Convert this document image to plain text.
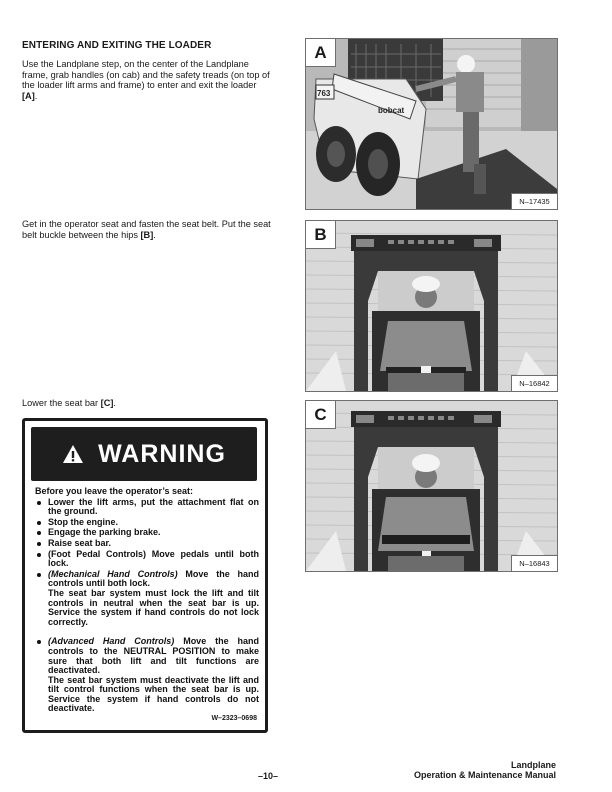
ENTERING AND EXITING THE LOADER
Use the Landplane step, on the center of the Landplane frame, grab handles (on cab) and the safety treads (on top of the loader lift arms and frame) to enter and exit the loader [A].
Get in the operator seat and fasten the seat belt. Put the seat belt buckle between the hips [B].
Lower the seat bar [C].
bobcat
763
A
N–17435
B
N–16842
C
N–16843
WARNING
Before you leave the operator’s seat:
Lower the lift arms, put the attachment flat on the ground.
Stop the engine.
Engage the parking brake.
Raise seat bar.
(Foot Pedal Controls) Move pedals until both lock.
(Mechanical Hand Controls) Move the hand controls until both lock.
The seat bar system must lock the lift and tilt controls in neutral when the seat bar is up. Service the system if hand controls do not lock correctly.
(Advanced Hand Controls) Move the hand controls to the NEUTRAL POSITION to make sure that both lift and tilt functions are deactivated.
The seat bar system must deactivate the lift and tilt control functions when the seat bar is up. Service the system if hand controls do not deactivate.
W–2323–0698
–10–
Landplane
Operation & Maintenance Manual
